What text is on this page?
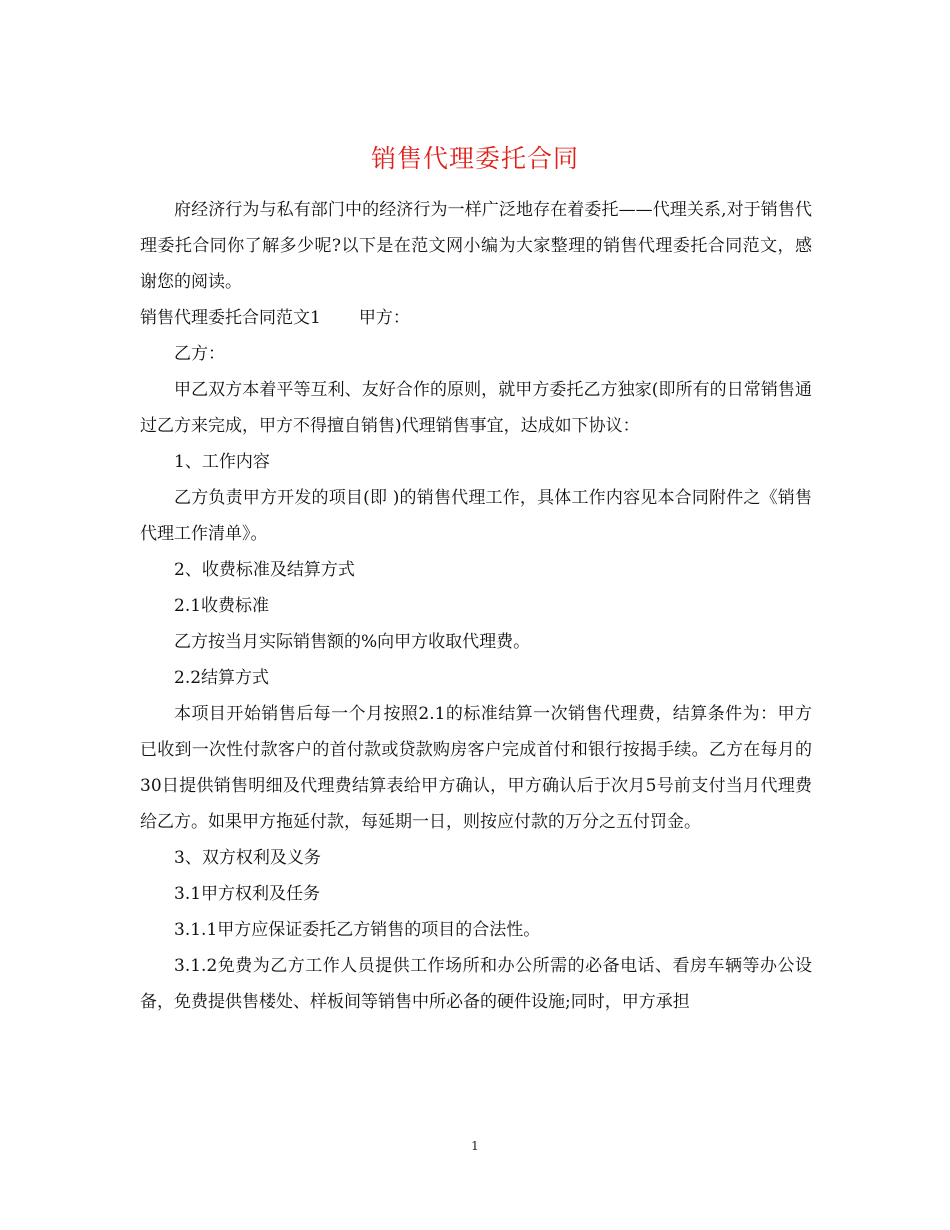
销售代理委托合同

府经济行为与私有部门中的经济行为一样广泛地存在着委托——代理关系,对于销售代理委托合同你了解多少呢?以下是在范文网小编为大家整理的销售代理委托合同范文，感谢您的阅读。

销售代理委托合同范文1 甲方：

乙方：

甲乙双方本着平等互利、友好合作的原则，就甲方委托乙方独家(即所有的日常销售通过乙方来完成，甲方不得擅自销售)代理销售事宜，达成如下协议：

1、工作内容

乙方负责甲方开发的项目(即 )的销售代理工作，具体工作内容见本合同附件之《销售代理工作清单》。

2、收费标准及结算方式

2.1收费标准

乙方按当月实际销售额的%向甲方收取代理费。

2.2结算方式

本项目开始销售后每一个月按照2.1的标准结算一次销售代理费，结算条件为：甲方已收到一次性付款客户的首付款或贷款购房客户完成首付和银行按揭手续。乙方在每月的30日提供销售明细及代理费结算表给甲方确认，甲方确认后于次月5号前支付当月代理费给乙方。如果甲方拖延付款，每延期一日，则按应付款的万分之五付罚金。

3、双方权利及义务

3.1甲方权利及任务

3.1.1甲方应保证委托乙方销售的项目的合法性。

3.1.2免费为乙方工作人员提供工作场所和办公所需的必备电话、看房车辆等办公设备，免费提供售楼处、样板间等销售中所必备的硬件设施;同时，甲方承担

1
